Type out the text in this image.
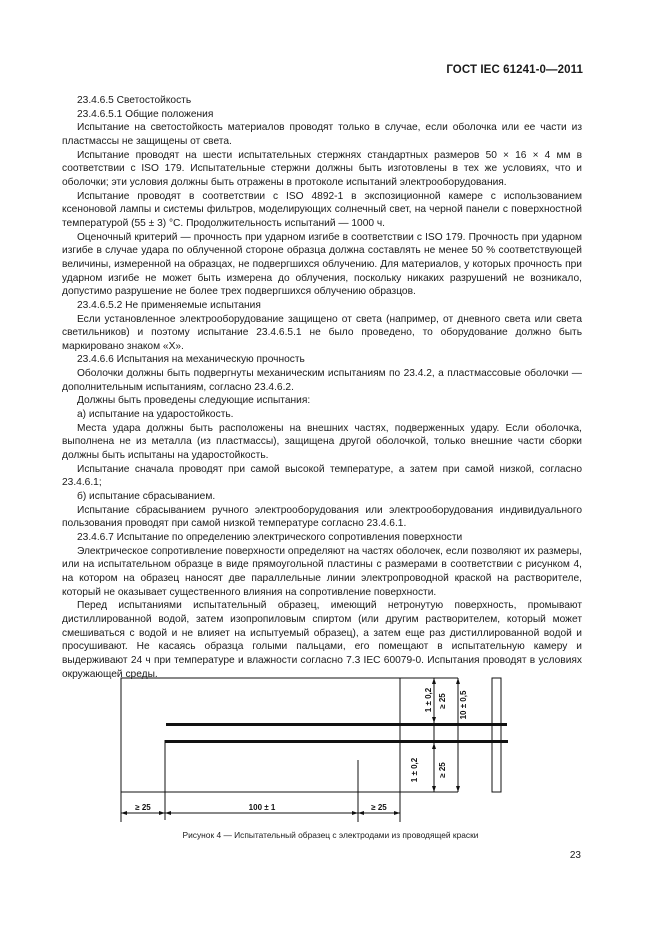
ГОСТ IEC 61241-0—2011

23.4.6.5 Светостойкость

23.4.6.5.1 Общие положения

Испытание на светостойкость материалов проводят только в случае, если оболочка или ее части из пластмассы не защищены от света.

Испытание проводят на шести испытательных стержнях стандартных размеров 50 × 16 × 4 мм в соответствии с ISO 179. Испытательные стержни должны быть изготовлены в тех же условиях, что и оболочки; эти условия должны быть отражены в протоколе испытаний электрооборудования.

Испытание проводят в соответствии с ISO 4892-1 в экспозиционной камере с использованием ксеноновой лампы и системы фильтров, моделирующих солнечный свет, на черной панели с поверхностной температурой (55 ± 3) °С. Продолжительность испытаний — 1000 ч.

Оценочный критерий — прочность при ударном изгибе в соответствии с ISO 179. Прочность при ударном изгибе в случае удара по облученной стороне образца должна составлять не менее 50 % соответствующей величины, измеренной на образцах, не подвергшихся облучению. Для материалов, у которых прочность при ударном изгибе не может быть измерена до облучения, поскольку никаких разрушений не возникало, допустимо разрушение не более трех подвергшихся облучению образцов.

23.4.6.5.2 Не применяемые испытания

Если установленное электрооборудование защищено от света (например, от дневного света или света светильников) и поэтому испытание 23.4.6.5.1 не было проведено, то оборудование должно быть маркировано знаком «X».

23.4.6.6 Испытания на механическую прочность

Оболочки должны быть подвергнуты механическим испытаниям по 23.4.2, а пластмассовые оболочки — дополнительным испытаниям, согласно 23.4.6.2.

Должны быть проведены следующие испытания:

а) испытание на ударостойкость.

Места удара должны быть расположены на внешних частях, подверженных удару. Если оболочка, выполнена не из металла (из пластмассы), защищена другой оболочкой, только внешние части сборки должны быть испытаны на ударостойкость.

Испытание сначала проводят при самой высокой температуре, а затем при самой низкой, согласно 23.4.6.1;

б) испытание сбрасыванием.

Испытание сбрасыванием ручного электрооборудования или электрооборудования индивидуального пользования проводят при самой низкой температуре согласно 23.4.6.1.

23.4.6.7 Испытание по определению электрического сопротивления поверхности

Электрическое сопротивление поверхности определяют на частях оболочек, если позволяют их размеры, или на испытательном образце в виде прямоугольной пластины с размерами в соответствии с рисунком 4, на котором на образец наносят две параллельные линии электропроводной краской на растворителе, который не оказывает существенного влияния на сопротивление поверхности.

Перед испытаниями испытательный образец, имеющий нетронутую поверхность, промывают дистиллированной водой, затем изопропиловым спиртом (или другим растворителем, который может смешиваться с водой и не влияет на испытуемый образец), а затем еще раз дистиллированной водой и просушивают. Не касаясь образца голыми пальцами, его помещают в испытательную камеру и выдерживают 24 ч при температуре и влажности согласно 7.3 IEC 60079-0. Испытания проводят в условиях окружающей среды.

≥ 25	100 ± 1	≥ 25
1 ± 0,2 ≥ 25 10 ± 0,5
1 ± 0,2 ≥ 25
Рисунок 4 — Испытательный образец с электродами из проводящей краски
23
